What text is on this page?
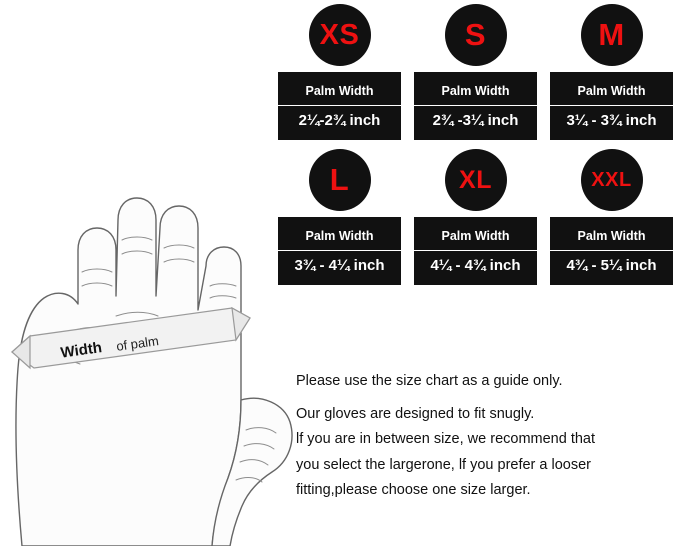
Width of palm
XS
Palm Width
2¼-2¾ inch
S
Palm Width
2¾ -3¼ inch
M
Palm Width
3¼ - 3¾ inch
L
Palm Width
3¾ - 4¼ inch
XL
Palm Width
4¼ - 4¾ inch
XXL
Palm Width
4¾ - 5¼ inch

Please use the size chart as a guide only.

Our gloves are designed to fit snugly.

lf you are in between size, we recommend that

you select the largerone, lf you prefer a looser

fitting,please choose one size larger.
